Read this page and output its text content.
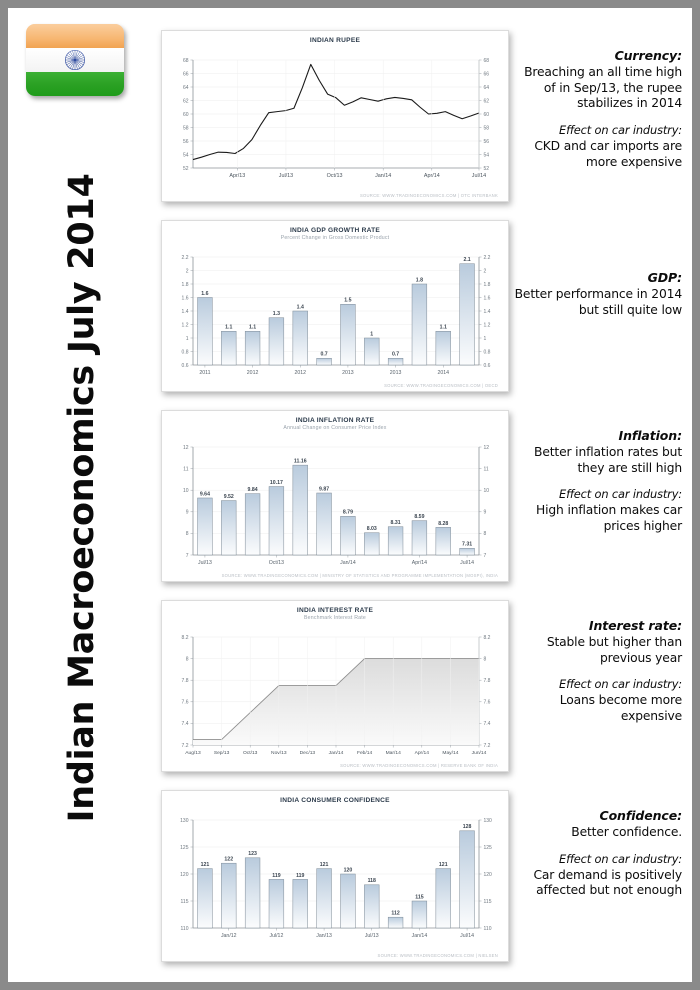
Indian Macroeconomics July 2014
INDIAN RUPEE
52	52
54	54
56	56
58	58
60	60
62	62
64	64
66	66
68	68
Apr/13	Jul/13	Oct/13	Jan/14	Apr/14	Jul/14
SOURCE: WWW.TRADINGECONOMICS.COM | OTC INTERBANK
INDIA GDP GROWTH RATE
Percent Change in Gross Domestic Product
0.6	0.6
0.8	0.8
1	1
1.2	1.2
1.4	1.4
1.6	1.6
1.8	1.8
2	2
2.2	2.2
1.6
1.1	1.1
1.3
1.4
0.7
1.5
1
0.7
1.8
1.1
2.1
2011	2012	2012	2013	2013	2014
SOURCE: WWW.TRADINGECONOMICS.COM | OECD
INDIA INFLATION RATE
Annual Change on Consumer Price Index
7	7
8	8
9	9
10	10
11	11
12	12
9.64	9.52
9.84
10.17
11.16
9.87
8.79
8.03
8.31
8.59
8.28
7.31
Jul/13	Oct/13	Jan/14	Apr/14	Jul/14
SOURCE: WWW.TRADINGECONOMICS.COM | MINISTRY OF STATISTICS AND PROGRAMME IMPLEMENTATION (MOSPI), INDIA
INDIA INTEREST RATE
Benchmark Interest Rate
7.2	7.2
7.4	7.4
7.6	7.6
7.8	7.8
8	8
8.2	8.2
Aug/13	Sep/13	Oct/13	Nov/13	Dec/13	Jan/14	Feb/14	Mar/14	Apr/14	May/14	Jun/14
SOURCE: WWW.TRADINGECONOMICS.COM | RESERVE BANK OF INDIA
INDIA CONSUMER CONFIDENCE
110	110
115	115
120	120
125	125
130	130
121
122
123
119	119
121
120
118
112
115
121
128
Jan/12	Jul/12	Jan/13	Jul/13	Jan/14	Jul/14
SOURCE: WWW.TRADINGECONOMICS.COM | NIELSEN
Currency:
Breaching an all time high of in Sep/13, the rupee stabilizes in 2014
Effect on car industry:
CKD and car imports are more expensive
GDP:
Better performance in 2014 but still quite low
Inflation:
Better inflation rates but they are still high
Effect on car industry:
High inflation makes car prices higher
Interest rate:
Stable but higher than previous year
Effect on car industry:
Loans become more expensive
Confidence:
Better confidence.
Effect on car industry:
Car demand is positively affected but not enough
